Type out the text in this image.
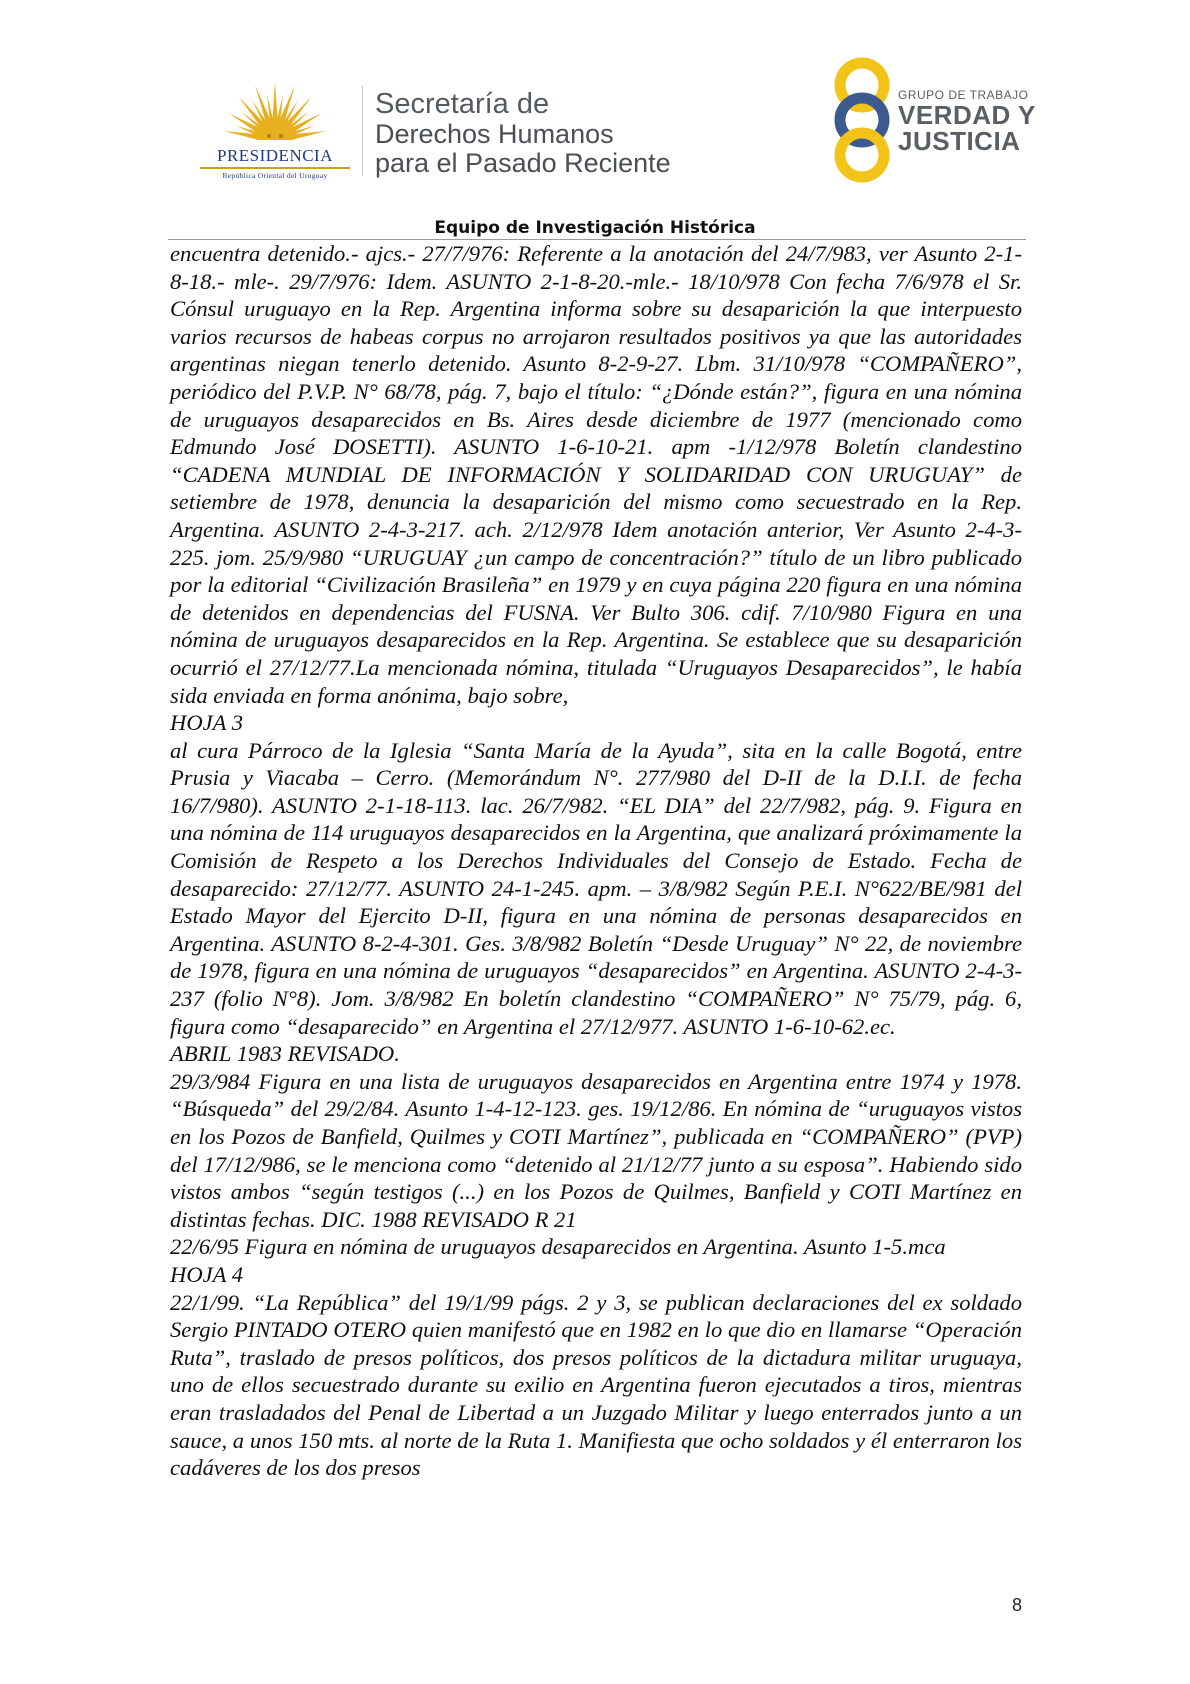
PRESIDENCIA
República Oriental del Uruguay
Secretaría de
Derechos Humanos
para el Pasado Reciente
GRUPO DE TRABAJO
VERDAD Y
JUSTICIA
Equipo de Investigación Histórica

encuentra detenido.- ajcs.- 27/7/976: Referente a la anotación del 24/7/983, ver Asunto 2-1-8-18.- mle-. 29/7/976: Idem. ASUNTO 2-1-8-20.-mle.- 18/10/978 Con fecha 7/6/978 el Sr. Cónsul uruguayo en la Rep. Argentina informa sobre su desaparición la que interpuesto varios recursos de habeas corpus no arrojaron resultados positivos ya que las autoridades argentinas niegan tenerlo detenido. Asunto 8-2-9-27. Lbm. 31/10/978 “COMPAÑERO”, periódico del P.V.P. N° 68/78, pág. 7, bajo el título: “¿Dónde están?”, figura en una nómina de uruguayos desaparecidos en Bs. Aires desde diciembre de 1977 (mencionado como Edmundo José DOSETTI). ASUNTO 1-6-10-21. apm -1/12/978 Boletín clandestino “CADENA MUNDIAL DE INFORMACIÓN Y SOLIDARIDAD CON URUGUAY” de setiembre de 1978, denuncia la desaparición del mismo como secuestrado en la Rep. Argentina. ASUNTO 2-4-3-217. ach. 2/12/978 Idem anotación anterior, Ver Asunto 2-4-3-225. jom. 25/9/980 “URUGUAY ¿un campo de concentración?” título de un libro publicado por la editorial “Civilización Brasileña” en 1979 y en cuya página 220 figura en una nómina de detenidos en dependencias del FUSNA. Ver Bulto 306. cdif. 7/10/980 Figura en una nómina de uruguayos desaparecidos en la Rep. Argentina. Se establece que su desaparición ocurrió el 27/12/77.La mencionada nómina, titulada “Uruguayos Desaparecidos”, le había sida enviada en forma anónima, bajo sobre,

HOJA 3

al cura Párroco de la Iglesia “Santa María de la Ayuda”, sita en la calle Bogotá, entre Prusia y Viacaba – Cerro. (Memorándum N°. 277/980 del D-II de la D.I.I. de fecha 16/7/980). ASUNTO 2-1-18-113. lac. 26/7/982. “EL DIA” del 22/7/982, pág. 9. Figura en una nómina de 114 uruguayos desaparecidos en la Argentina, que analizará próximamente la Comisión de Respeto a los Derechos Individuales del Consejo de Estado. Fecha de desaparecido: 27/12/77. ASUNTO 24-1-245. apm. – 3/8/982 Según P.E.I. N°622/BE/981 del Estado Mayor del Ejercito D-II, figura en una nómina de personas desaparecidos en Argentina. ASUNTO 8-2-4-301. Ges. 3/8/982 Boletín “Desde Uruguay” N° 22, de noviembre de 1978, figura en una nómina de uruguayos “desaparecidos” en Argentina. ASUNTO 2-4-3-237 (folio N°8). Jom. 3/8/982 En boletín clandestino “COMPAÑERO” N° 75/79, pág. 6, figura como “desaparecido” en Argentina el 27/12/977. ASUNTO 1-6-10-62.ec.

ABRIL 1983 REVISADO.

29/3/984 Figura en una lista de uruguayos desaparecidos en Argentina entre 1974 y 1978. “Búsqueda” del 29/2/84. Asunto 1-4-12-123. ges. 19/12/86. En nómina de “uruguayos vistos en los Pozos de Banfield, Quilmes y COTI Martínez”, publicada en “COMPAÑERO” (PVP) del 17/12/986, se le menciona como “detenido al 21/12/77 junto a su esposa”. Habiendo sido vistos ambos “según testigos (...) en los Pozos de Quilmes, Banfield y COTI Martínez en distintas fechas. DIC. 1988 REVISADO R 21

22/6/95 Figura en nómina de uruguayos desaparecidos en Argentina. Asunto 1-5.mca

HOJA 4

22/1/99. “La República” del 19/1/99 págs. 2 y 3, se publican declaraciones del ex soldado Sergio PINTADO OTERO quien manifestó que en 1982 en lo que dio en llamarse “Operación Ruta”, traslado de presos políticos, dos presos políticos de la dictadura militar uruguaya, uno de ellos secuestrado durante su exilio en Argentina fueron ejecutados a tiros, mientras eran trasladados del Penal de Libertad a un Juzgado Militar y luego enterrados junto a un sauce, a unos 150 mts. al norte de la Ruta 1. Manifiesta que ocho soldados y él enterraron los cadáveres de los dos presos

8
